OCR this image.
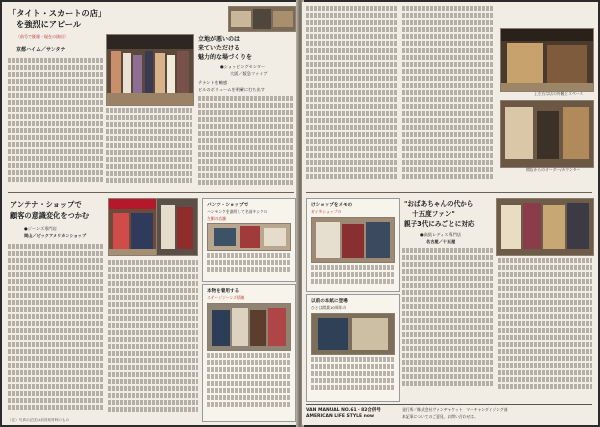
「タイト・スカートの店」
を強烈にアピール
（前号で既報・現在の演出）
京都ハイム／サンタナ
立地が悪いのは
来ていただける
魅力的な場づくりを
●ショッピングセンター
大阪／阪急ファイブ
テナントを軸感
ビルのボリュームを明確に打ち出す
アンテナ・ショップで
顧客の意識変化をつかむ
●ジーンズ専門店
岡山／ピックアメリカンショップ
バンツ・ショップで
ハンモンケを説明して名前キシクロ
左側の店舗
本物を着用する
ステージジーンズ情報
（注）写真の記述は前回取材時のもの
上左右は店の外観とスペース
開店からのオーダー/カウンター
けショップをメモの
ガイ多ショップの
以前の本紙に登場
ひとは開業10周年の
"おばあちゃんの代から
十五度ファン"
親子3代にみごとに対応
●高級レディス専門店
名古屋／十五屋
VAN MANUAL NO.61・82合併号
AMERICAN LIFE STYLE now
発行所／株式会社ヴァンヂャケット　マーチャンダイジング部
本記事についてのご意見、お問い合わせは、
